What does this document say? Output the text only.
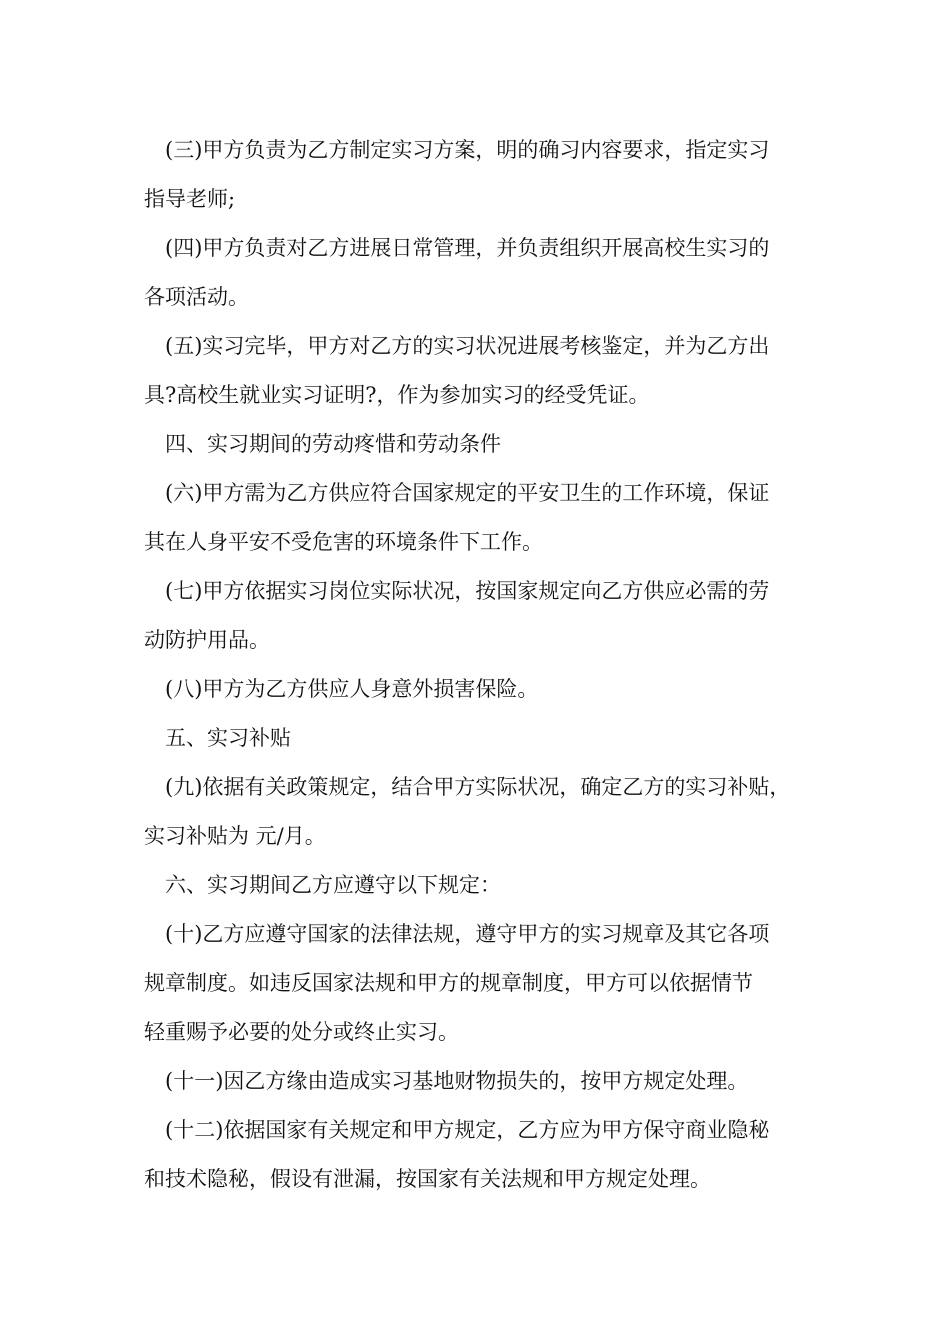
(三)甲方负责为乙方制定实习方案，明的确习内容要求，指定实习
指导老师;
(四)甲方负责对乙方进展日常管理，并负责组织开展高校生实习的
各项活动。
(五)实习完毕，甲方对乙方的实习状况进展考核鉴定，并为乙方出
具?高校生就业实习证明?，作为参加实习的经受凭证。
四、实习期间的劳动疼惜和劳动条件
(六)甲方需为乙方供应符合国家规定的平安卫生的工作环境，保证
其在人身平安不受危害的环境条件下工作。
(七)甲方依据实习岗位实际状况，按国家规定向乙方供应必需的劳
动防护用品。
(八)甲方为乙方供应人身意外损害保险。
五、实习补贴
(九)依据有关政策规定，结合甲方实际状况，确定乙方的实习补贴，
实习补贴为 元/月。
六、实习期间乙方应遵守以下规定：
(十)乙方应遵守国家的法律法规，遵守甲方的实习规章及其它各项
规章制度。如违反国家法规和甲方的规章制度，甲方可以依据情节
轻重赐予必要的处分或终止实习。
(十一)因乙方缘由造成实习基地财物损失的，按甲方规定处理。
(十二)依据国家有关规定和甲方规定，乙方应为甲方保守商业隐秘
和技术隐秘，假设有泄漏，按国家有关法规和甲方规定处理。
